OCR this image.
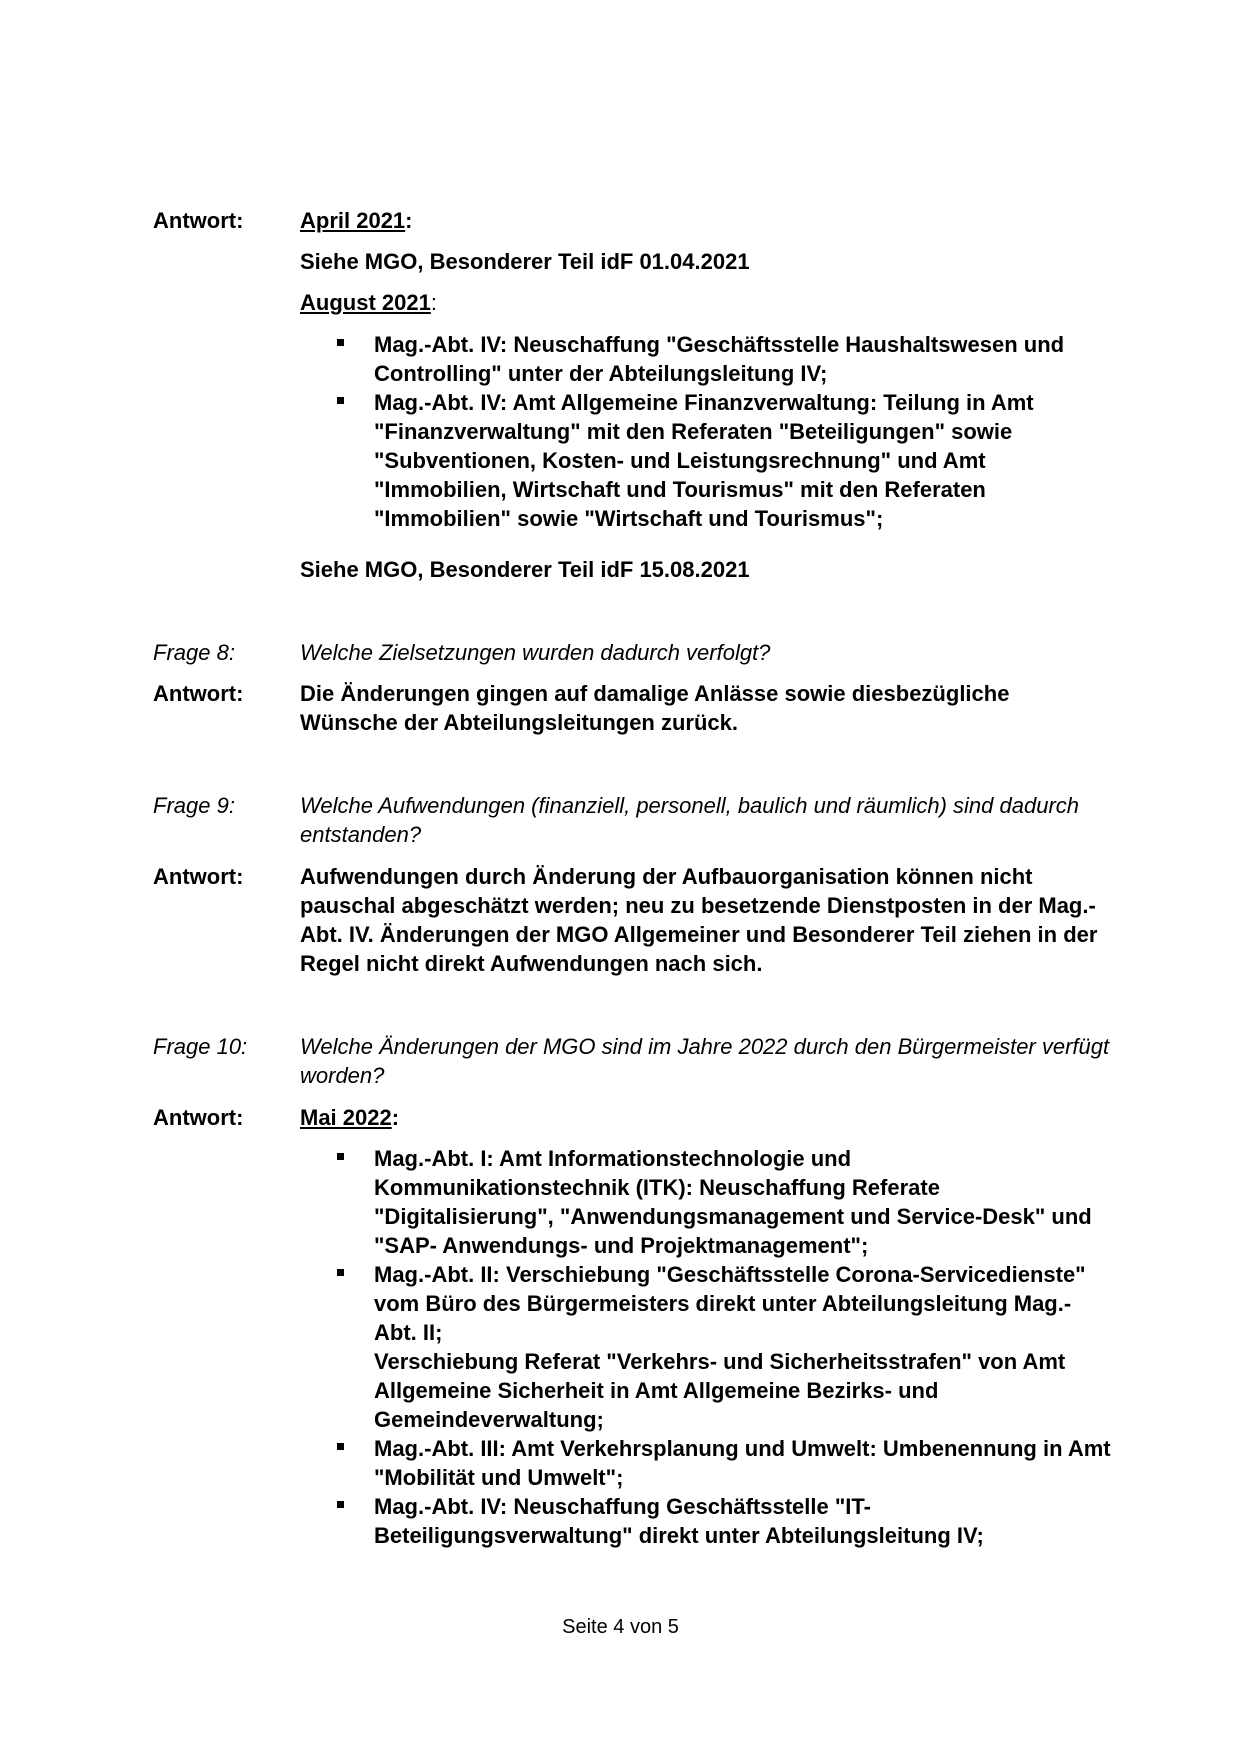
Antwort:	April 2021:
Siehe MGO, Besonderer Teil idF 01.04.2021
August 2021:
Mag.-Abt. IV: Neuschaffung "Geschäftsstelle Haushaltswesen und Controlling" unter der Abteilungsleitung IV;
Mag.-Abt. IV: Amt Allgemeine Finanzverwaltung: Teilung in Amt "Finanzverwaltung" mit den Referaten "Beteiligungen" sowie "Subventionen, Kosten- und Leistungsrechnung" und Amt "Immobilien, Wirtschaft und Tourismus" mit den Referaten "Immobilien" sowie "Wirtschaft und Tourismus";
Siehe MGO, Besonderer Teil idF 15.08.2021
Frage 8:	Welche Zielsetzungen wurden dadurch verfolgt?
Antwort:	Die Änderungen gingen auf damalige Anlässe sowie diesbezügliche Wünsche der Abteilungsleitungen zurück.
Frage 9:	Welche Aufwendungen (finanziell, personell, baulich und räumlich) sind dadurch entstanden?
Antwort:	Aufwendungen durch Änderung der Aufbauorganisation können nicht pauschal abgeschätzt werden; neu zu besetzende Dienstposten in der Mag.-Abt. IV. Änderungen der MGO Allgemeiner und Besonderer Teil ziehen in der Regel nicht direkt Aufwendungen nach sich.
Frage 10:	Welche Änderungen der MGO sind im Jahre 2022 durch den Bürgermeister verfügt worden?
Antwort:	Mai 2022:
Mag.-Abt. I: Amt Informationstechnologie und Kommunikationstechnik (ITK): Neuschaffung Referate "Digitalisierung", "Anwendungsmanagement und Service-Desk" und "SAP- Anwendungs- und Projektmanagement";
Mag.-Abt. II: Verschiebung "Geschäftsstelle Corona-Servicedienste" vom Büro des Bürgermeisters direkt unter Abteilungsleitung Mag.-Abt. II;
Verschiebung Referat "Verkehrs- und Sicherheitsstrafen" von Amt Allgemeine Sicherheit in Amt Allgemeine Bezirks- und Gemeindeverwaltung;
Mag.-Abt. III: Amt Verkehrsplanung und Umwelt: Umbenennung in Amt "Mobilität und Umwelt";
Mag.-Abt. IV: Neuschaffung Geschäftsstelle "IT-Beteiligungsverwaltung" direkt unter Abteilungsleitung IV;
Seite 4 von 5
